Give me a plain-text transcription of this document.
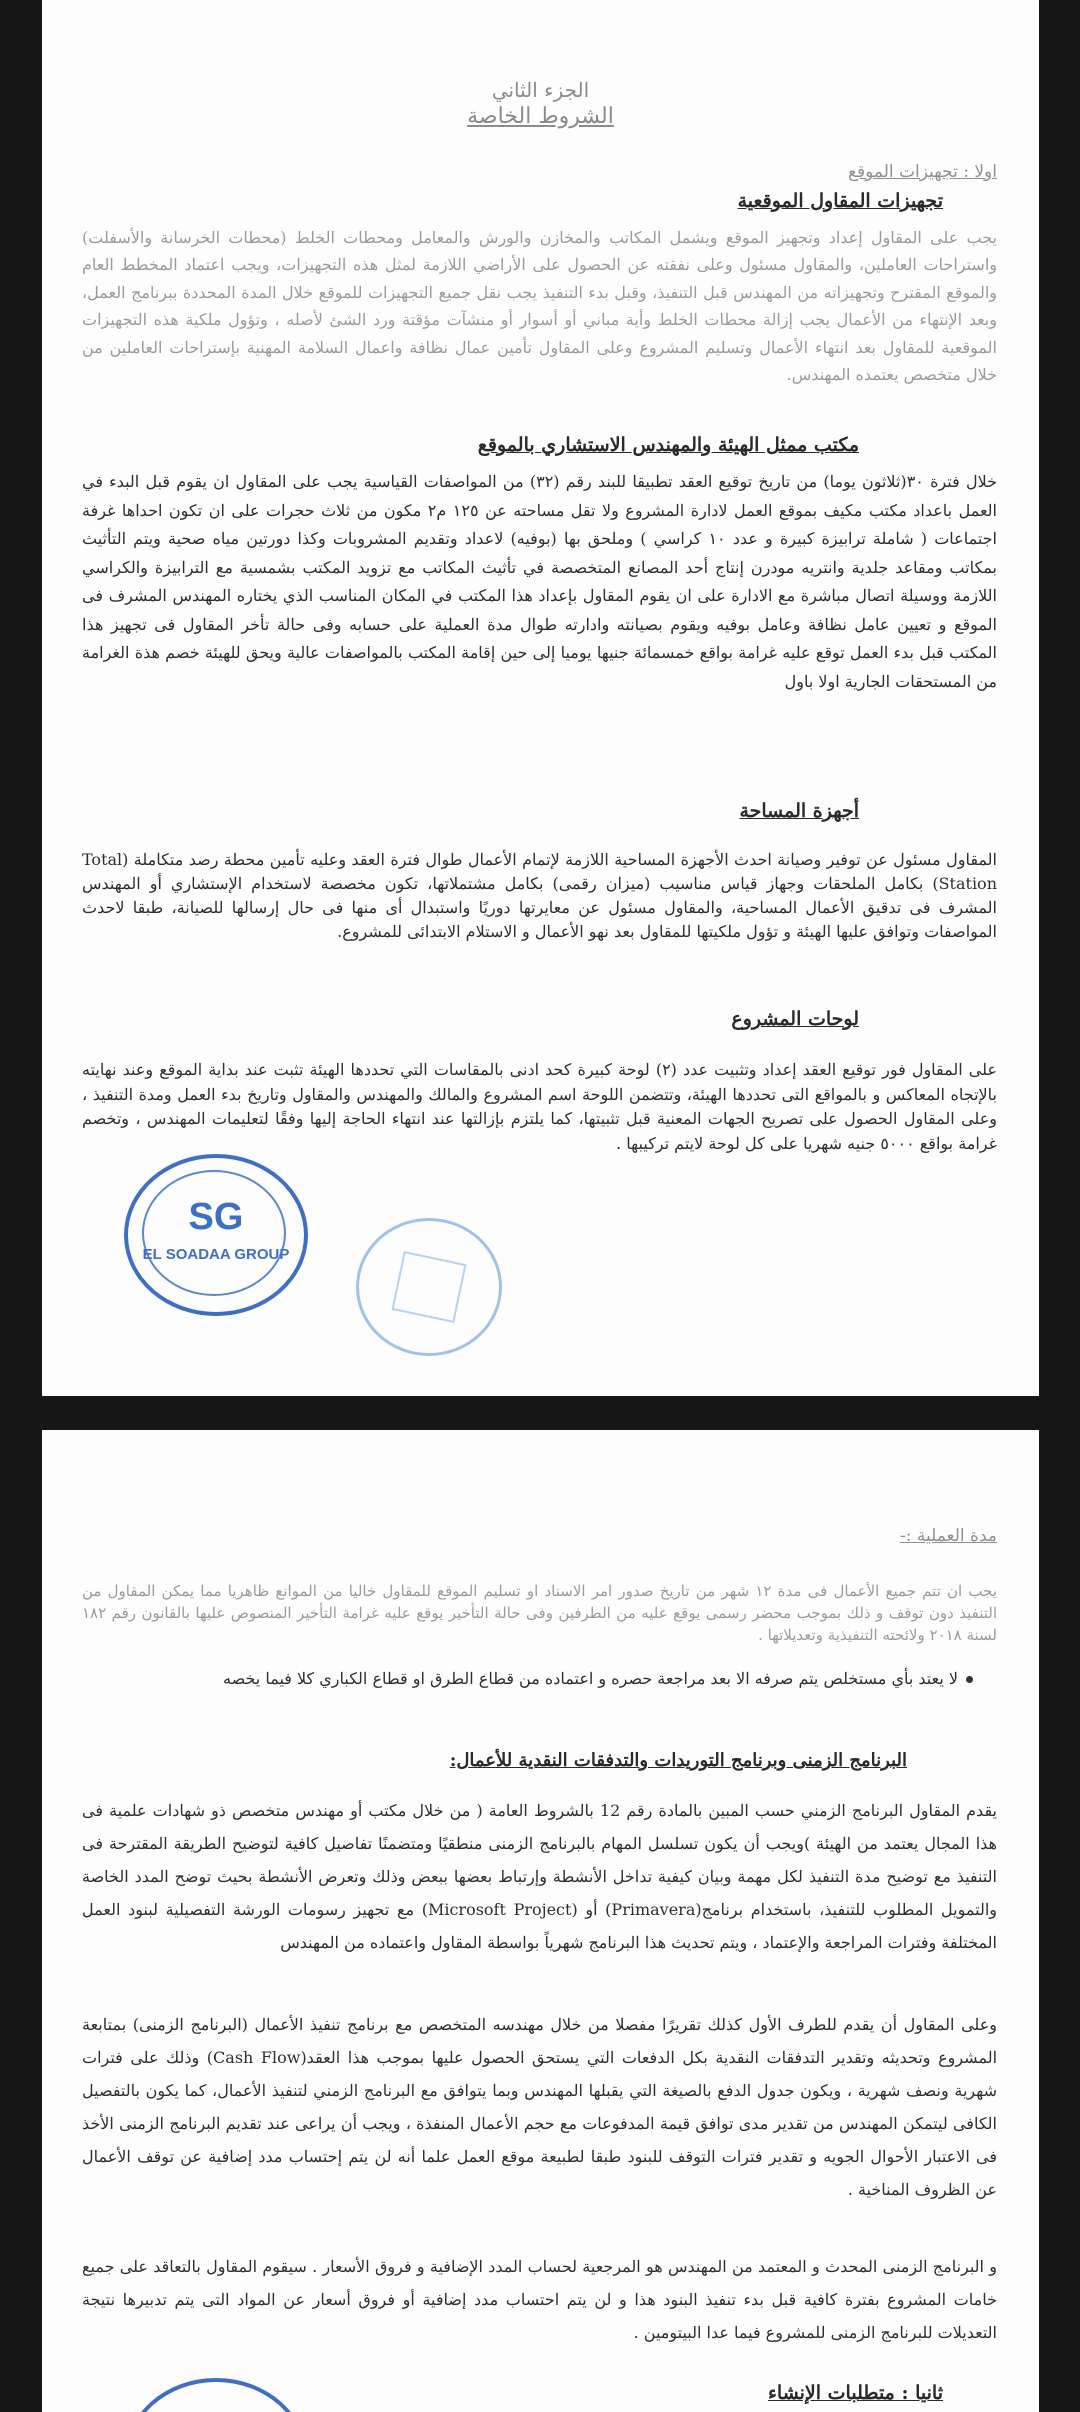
الجزء الثاني
الشروط الخاصة
اولا : تجهيزات الموقع
تجهيزات المقاول الموقعية
يجب على المقاول إعداد وتجهيز الموقع ويشمل المكاتب والمخازن والورش والمعامل ومحطات الخلط (محطات الخرسانة والأسفلت) واستراحات العاملين، والمقاول مسئول وعلى نفقته عن الحصول على الأراضي اللازمة لمثل هذه التجهيزات، ويجب اعتماد المخطط العام والموقع المقترح وتجهيزاته من المهندس قبل التنفيذ، وقبل بدء التنفيذ يجب نقل جميع التجهيزات للموقع خلال المدة المحددة ببرنامج العمل، وبعد الإنتهاء من الأعمال يجب إزالة محطات الخلط وأية مباني أو أسوار أو منشآت مؤقتة ورد الشئ لأصله ، وتؤول ملكية هذه التجهيزات الموقعية للمقاول بعد انتهاء الأعمال وتسليم المشروع وعلى المقاول تأمين عمال نظافة واعمال السلامة المهنية بإستراحات العاملين من خلال متخصص يعتمده المهندس.
مكتب ممثل الهيئة والمهندس الاستشاري بالموقع
خلال فترة ٣٠(ثلاثون يوما) من تاريخ توقيع العقد تطبيقا للبند رقم (٣٢) من المواصفات القياسية يجب على المقاول ان يقوم قبل البدء في العمل باعداد مكتب مكيف بموقع العمل لادارة المشروع ولا تقل مساحته عن ١٢٥ م٢ مكون من ثلاث حجرات على ان تكون احداها غرفة اجتماعات ( شاملة ترابيزة كبيرة و عدد ١٠ كراسي ) وملحق بها (بوفيه) لاعداد وتقديم المشروبات وكذا دورتين مياه صحية ويتم التأثيث بمكاتب ومقاعد جلدية وانتريه مودرن إنتاج أحد المصانع المتخصصة في تأثيث المكاتب مع تزويد المكتب بشمسية مع الترابيزة والكراسي اللازمة ووسيلة اتصال مباشرة مع الادارة على ان يقوم المقاول بإعداد هذا المكتب في المكان المناسب الذي يختاره المهندس المشرف فى الموقع و تعيين عامل نظافة وعامل بوفيه ويقوم بصيانته وادارته طوال مدة العملية على حسابه وفى حالة تأخر المقاول فى تجهيز هذا المكتب قبل بدء العمل توقع عليه غرامة بواقع خمسمائة جنيها يوميا إلى حين إقامة المكتب بالمواصفات عالية ويحق للهيئة خصم هذة الغرامة من المستحقات الجارية اولا باول
أجهزة المساحة
المقاول مسئول عن توفير وصيانة احدث الأجهزة المساحية اللازمة لإتمام الأعمال طوال فترة العقد وعليه تأمين محطة رصد متكاملة (Total Station) بكامل الملحقات وجهاز قياس مناسيب (ميزان رقمى) بكامل مشتملاتها، تكون مخصصة لاستخدام الإستشاري أو المهندس المشرف فى تدقيق الأعمال المساحية، والمقاول مسئول عن معايرتها دوريًا واستبدال أى منها فى حال إرسالها للصيانة، طبقا لاحدث المواصفات وتوافق عليها الهيئة و تؤول ملكيتها للمقاول بعد نهو الأعمال و الاستلام الابتدائى للمشروع.
لوحات المشروع
على المقاول فور توقيع العقد إعداد وتثبيت عدد (٢) لوحة كبيرة كحد ادنى بالمقاسات التي تحددها الهيئة تثبت عند بداية الموقع وعند نهايته بالإتجاه المعاكس و بالمواقع التى تحددها الهيئة، وتتضمن اللوحة اسم المشروع والمالك والمهندس والمقاول وتاريخ بدء العمل ومدة التنفيذ ، وعلى المقاول الحصول على تصريح الجهات المعنية قبل تثبيتها، كما يلتزم بإزالتها عند انتهاء الحاجة إليها وفقًا لتعليمات المهندس ، وتخصم غرامة بواقع ٥٠٠٠ جنيه شهريا على كل لوحة لايتم تركيبها .
SG
EL SOADAA GROUP
مدة العملية :-
يجب ان تتم جميع الأعمال فى مدة ١٢ شهر من تاريخ صدور امر الاسناد او تسليم الموقع للمقاول خاليا من الموانع ظاهريا مما يمكن المقاول من التنفيذ دون توقف و ذلك بموجب محضر رسمى يوقع عليه من الطرفين وفى حالة التأخير يوقع عليه غرامة التأخير المنصوص عليها بالقانون رقم ١٨٢ لسنة ٢٠١٨ ولائحته التنفيذية وتعديلاتها .
لا يعتد بأي مستخلص يتم صرفه الا بعد مراجعة حصره و اعتماده من قطاع الطرق او قطاع الكباري كلا فيما يخصه
البرنامج الزمنى وبرنامج التوريدات والتدفقات النقدية للأعمال:
يقدم المقاول البرنامج الزمني حسب المبين بالمادة رقم 12 بالشروط العامة ( من خلال مكتب أو مهندس متخصص ذو شهادات علمية فى هذا المجال يعتمد من الهيئة )ويجب أن يكون تسلسل المهام بالبرنامج الزمنى منطقيًا ومتضمنًا تفاصيل كافية لتوضيح الطريقة المقترحة فى التنفيذ مع توضيح مدة التنفيذ لكل مهمة وبيان كيفية تداخل الأنشطة وإرتباط بعضها ببعض وذلك وتعرض الأنشطة بحيث توضح المدد الخاصة والتمويل المطلوب للتنفيذ، باستخدام برنامج(Primavera) أو (Microsoft Project) مع تجهيز رسومات الورشة التفصيلية لبنود العمل المختلفة وفترات المراجعة والإعتماد ، ويتم تحديث هذا البرنامج شهرياً بواسطة المقاول واعتماده من المهندس
وعلى المقاول أن يقدم للطرف الأول كذلك تقريرًا مفصلا من خلال مهندسه المتخصص مع برنامج تنفيذ الأعمال (البرنامج الزمنى) بمتابعة المشروع وتحديثه وتقدير التدفقات النقدية بكل الدفعات التي يستحق الحصول عليها بموجب هذا العقد(Cash Flow) وذلك على فترات شهرية ونصف شهرية ، ويكون جدول الدفع بالصيغة التي يقبلها المهندس وبما يتوافق مع البرنامج الزمني لتنفيذ الأعمال، كما يكون بالتفصيل الكافى ليتمكن المهندس من تقدير مدى توافق قيمة المدفوعات مع حجم الأعمال المنفذة ، ويجب أن يراعى عند تقديم البرنامج الزمنى الأخذ فى الاعتبار الأحوال الجويه و تقدير فترات التوقف للبنود طبقا لطبيعة موقع العمل علما أنه لن يتم إحتساب مدد إضافية عن توقف الأعمال عن الظروف المناخية .
و البرنامج الزمنى المحدث و المعتمد من المهندس هو المرجعية لحساب المدد الإضافية و فروق الأسعار . سيقوم المقاول بالتعاقد على جميع خامات المشروع بفترة كافية قبل بدء تنفيذ البنود هذا و لن يتم احتساب مدد إضافية أو فروق أسعار عن المواد التى يتم تدبيرها نتيجة التعديلات للبرنامج الزمنى للمشروع فيما عدا البيتومين .
ثانيا : متطلبات الإنشاء
